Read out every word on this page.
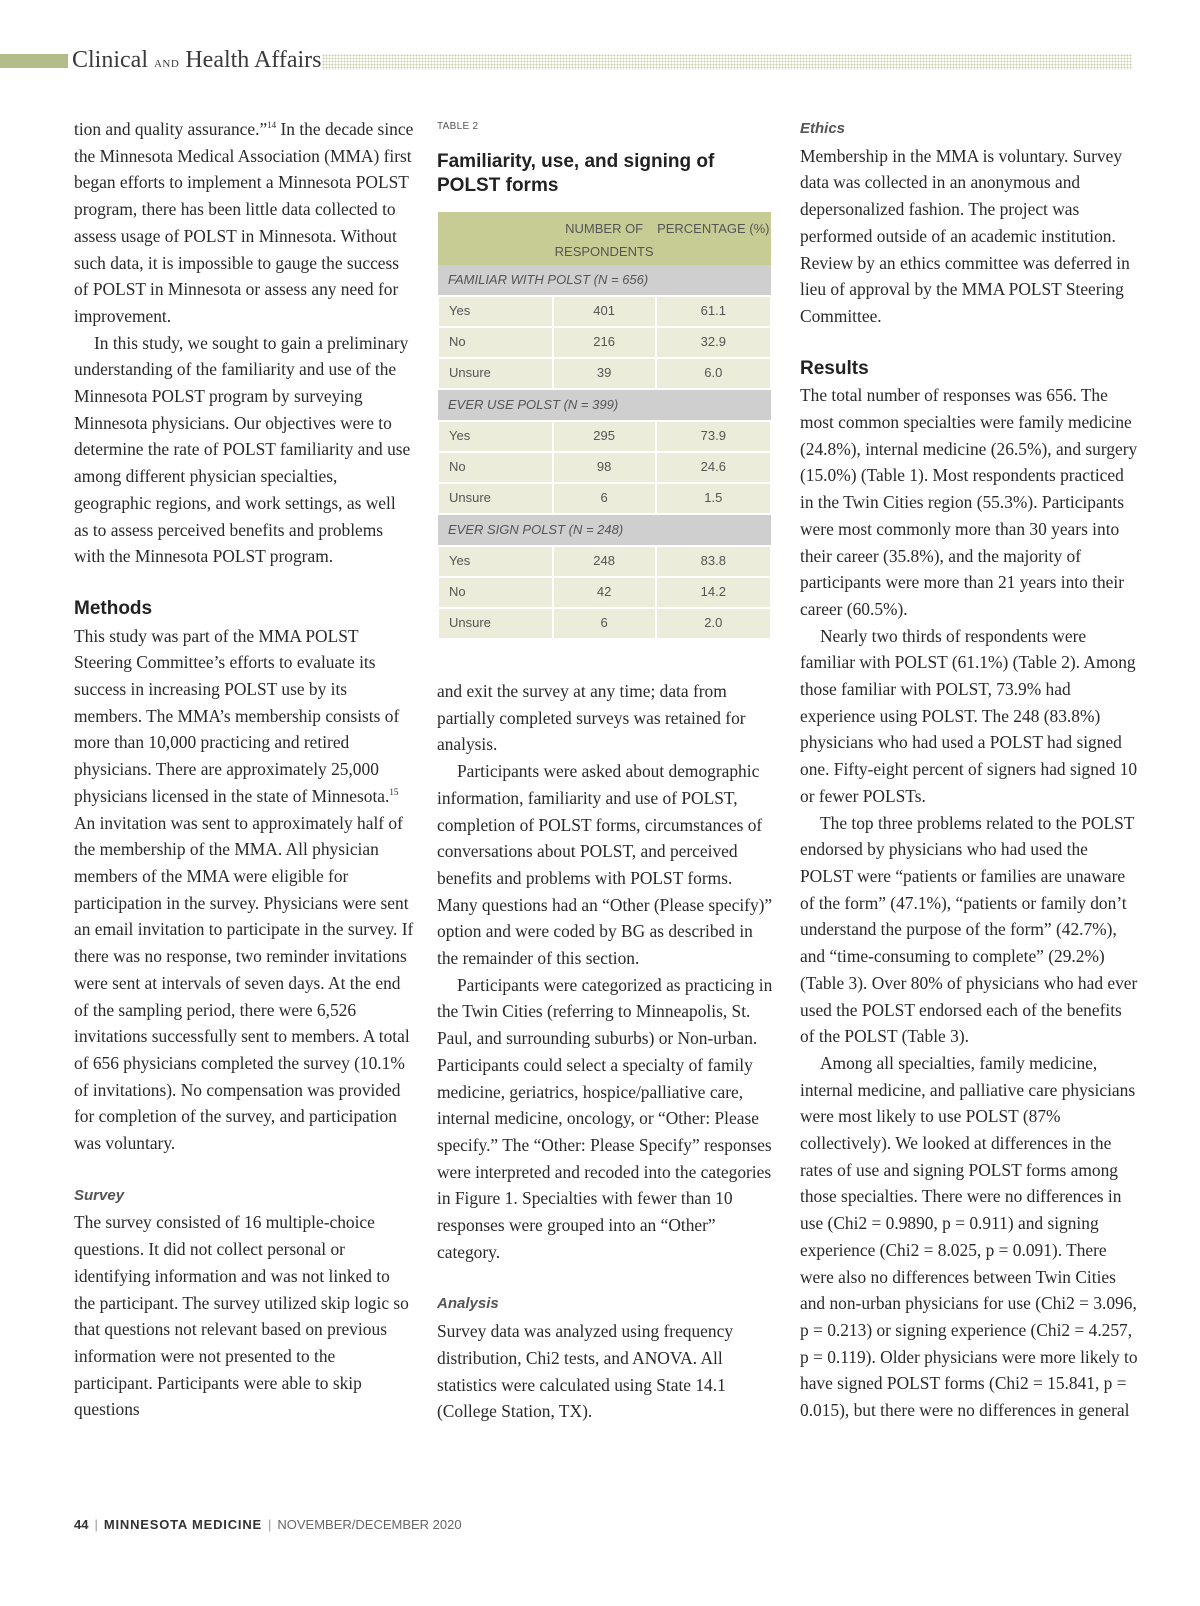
Clinical AND Health Affairs

tion and quality assurance.”$^{14}$ In the decade since the Minnesota Medical Association (MMA) first began efforts to implement a Minnesota POLST program, there has been little data collected to assess usage of POLST in Minnesota. Without such data, it is impossible to gauge the success of POLST in Minnesota or assess any need for improvement.

In this study, we sought to gain a preliminary understanding of the familiarity and use of the Minnesota POLST program by surveying Minnesota physicians. Our objectives were to determine the rate of POLST familiarity and use among different physician specialties, geographic regions, and work settings, as well as to assess perceived benefits and problems with the Minnesota POLST program.

Methods

This study was part of the MMA POLST Steering Committee’s efforts to evaluate its success in increasing POLST use by its members. The MMA’s membership consists of more than 10,000 practicing and retired physicians. There are approximately 25,000 physicians licensed in the state of Minnesota.$^{15}$ An invitation was sent to approximately half of the membership of the MMA. All physician members of the MMA were eligible for participation in the survey. Physicians were sent an email invitation to participate in the survey. If there was no response, two reminder invitations were sent at intervals of seven days. At the end of the sampling period, there were 6,526 invitations successfully sent to members. A total of 656 physicians completed the survey (10.1% of invitations). No compensation was provided for completion of the survey, and participation was voluntary.

Survey

The survey consisted of 16 multiple-choice questions. It did not collect personal or identifying information and was not linked to the participant. The survey utilized skip logic so that questions not relevant based on previous information were not presented to the participant. Participants were able to skip questions

TABLE 2
Familiarity, use, and signing of POLST forms
	NUMBER OF RESPONDENTS	PERCENTAGE (%)
FAMILIAR WITH POLST (N = 656)		
Yes	401	61.1
No	216	32.9
Unsure	39	6.0
EVER USE POLST (N = 399)		
Yes	295	73.9
No	98	24.6
Unsure	6	1.5
EVER SIGN POLST (N = 248)		
Yes	248	83.8
No	42	14.2
Unsure	6	2.0

and exit the survey at any time; data from partially completed surveys was retained for analysis.

Participants were asked about demographic information, familiarity and use of POLST, completion of POLST forms, circumstances of conversations about POLST, and perceived benefits and problems with POLST forms. Many questions had an “Other (Please specify)” option and were coded by BG as described in the remainder of this section.

Participants were categorized as practicing in the Twin Cities (referring to Minneapolis, St. Paul, and surrounding suburbs) or Non-urban. Participants could select a specialty of family medicine, geriatrics, hospice/palliative care, internal medicine, oncology, or “Other: Please specify.” The “Other: Please Specify” responses were interpreted and recoded into the categories in Figure 1. Specialties with fewer than 10 responses were grouped into an “Other” category.

Analysis

Survey data was analyzed using frequency distribution, Chi2 tests, and ANOVA. All statistics were calculated using State 14.1 (College Station, TX).

Ethics

Membership in the MMA is voluntary. Survey data was collected in an anonymous and depersonalized fashion. The project was performed outside of an academic institution. Review by an ethics committee was deferred in lieu of approval by the MMA POLST Steering Committee.

Results

The total number of responses was 656. The most common specialties were family medicine (24.8%), internal medicine (26.5%), and surgery (15.0%) (Table 1). Most respondents practiced in the Twin Cities region (55.3%). Participants were most commonly more than 30 years into their career (35.8%), and the majority of participants were more than 21 years into their career (60.5%).

Nearly two thirds of respondents were familiar with POLST (61.1%) (Table 2). Among those familiar with POLST, 73.9% had experience using POLST. The 248 (83.8%) physicians who had used a POLST had signed one. Fifty-eight percent of signers had signed 10 or fewer POLSTs.

The top three problems related to the POLST endorsed by physicians who had used the POLST were “patients or families are unaware of the form” (47.1%), “patients or family don’t understand the purpose of the form” (42.7%), and “time-consuming to complete” (29.2%) (Table 3). Over 80% of physicians who had ever used the POLST endorsed each of the benefits of the POLST (Table 3).

Among all specialties, family medicine, internal medicine, and palliative care physicians were most likely to use POLST (87% collectively). We looked at differences in the rates of use and signing POLST forms among those specialties. There were no differences in use (Chi2 = 0.9890, p = 0.911) and signing experience (Chi2 = 8.025, p = 0.091). There were also no differences between Twin Cities and non-urban physicians for use (Chi2 = 3.096, p = 0.213) or signing experience (Chi2 = 4.257, p = 0.119). Older physicians were more likely to have signed POLST forms (Chi2 = 15.841, p = 0.015), but there were no differences in general

44 | MINNESOTA MEDICINE | NOVEMBER/DECEMBER 2020
